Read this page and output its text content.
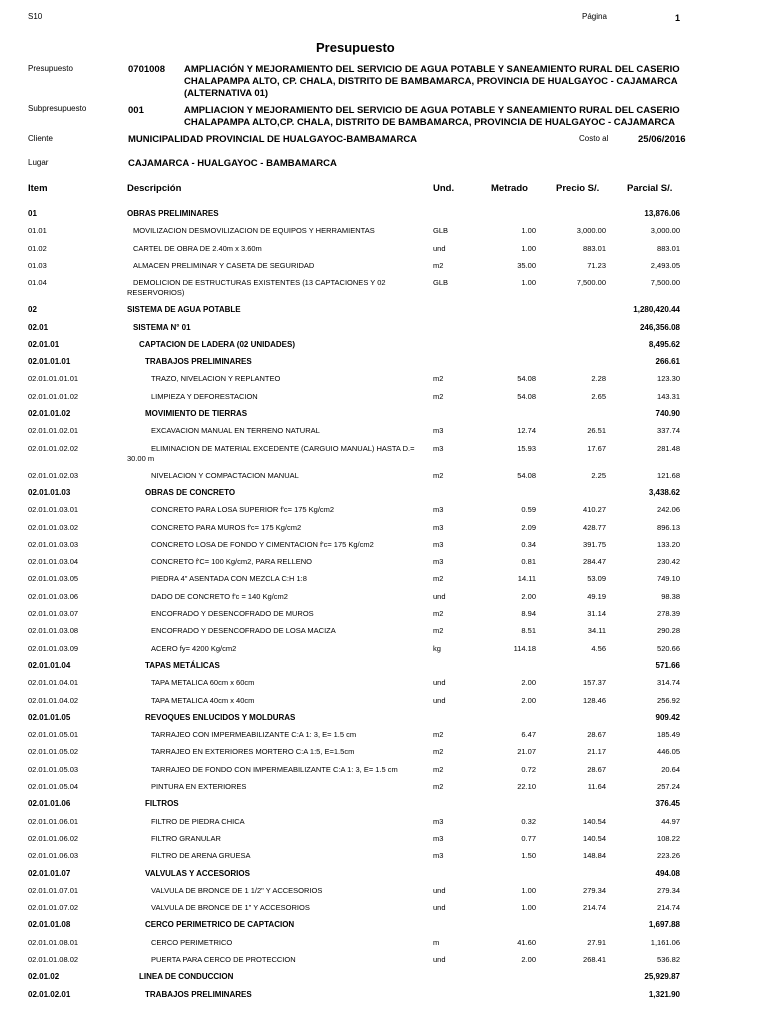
S10	Página	1
Presupuesto
Presupuesto	0701008 AMPLIACIÓN Y MEJORAMIENTO DEL SERVICIO DE AGUA POTABLE Y SANEAMIENTO RURAL DEL CASERIO CHALAPAMPA ALTO, CP. CHALA, DISTRITO DE BAMBAMARCA, PROVINCIA DE HUALGAYOC - CAJAMARCA (ALTERNATIVA 01)
Subpresupuesto	001	AMPLIACION Y MEJORAMIENTO DEL SERVICIO DE AGUA POTABLE Y SANEAMIENTO RURAL DEL CASERIO CHALAPAMPA ALTO,CP. CHALA, DISTRITO DE BAMBAMARCA, PROVINCIA DE HUALGAYOC - CAJAMARCA
Cliente	MUNICIPALIDAD PROVINCIAL DE HUALGAYOC-BAMBAMARCA	Costo al	25/06/2016
Lugar	CAJAMARCA - HUALGAYOC - BAMBAMARCA
Item	Descripción	Und.	Metrado	Precio S/.	Parcial S/.
01	OBRAS PRELIMINARES	13,876.06
01.01	MOVILIZACION DESMOVILIZACION DE EQUIPOS Y HERRAMIENTAS	GLB	1.00	3,000.00	3,000.00
01.02	CARTEL DE OBRA DE 2.40m x 3.60m	und	1.00	883.01	883.01
01.03	ALMACEN PRELIMINAR Y CASETA DE SEGURIDAD	m2	35.00	71.23	2,493.05
01.04	DEMOLICION DE ESTRUCTURAS EXISTENTES (13 CAPTACIONES Y 02 RESERVORIOS)
GLB	1.00	7,500.00	7,500.00
02	SISTEMA DE AGUA POTABLE	1,280,420.44
02.01	SISTEMA N° 01	246,356.08
02.01.01	CAPTACION DE LADERA (02 UNIDADES)	8,495.62
02.01.01.01	TRABAJOS PRELIMINARES	266.61
02.01.01.01.01	TRAZO, NIVELACION Y REPLANTEO	m2	54.08	2.28	123.30
02.01.01.01.02	LIMPIEZA Y DEFORESTACION	m2	54.08	2.65	143.31
02.01.01.02	MOVIMIENTO DE TIERRAS	740.90
02.01.01.02.01	EXCAVACION MANUAL EN TERRENO NATURAL	m3	12.74	26.51	337.74
02.01.01.02.02	ELIMINACION DE MATERIAL EXCEDENTE (CARGUIO MANUAL) HASTA D.= 30.00 m
m3	15.93	17.67	281.48
02.01.01.02.03	NIVELACION Y COMPACTACION MANUAL	m2	54.08	2.25	121.68
02.01.01.03	OBRAS DE CONCRETO	3,438.62
02.01.01.03.01	CONCRETO PARA LOSA SUPERIOR f'c= 175 Kg/cm2	m3	0.59	410.27	242.06
02.01.01.03.02	CONCRETO PARA MUROS f'c= 175 Kg/cm2	m3	2.09	428.77	896.13
02.01.01.03.03	CONCRETO LOSA DE FONDO Y CIMENTACION f'c= 175 Kg/cm2	m3	0.34	391.75	133.20
02.01.01.03.04	CONCRETO f'C= 100 Kg/cm2, PARA RELLENO	m3	0.81	284.47	230.42
02.01.01.03.05	PIEDRA 4" ASENTADA CON MEZCLA C:H 1:8	m2	14.11	53.09	749.10
02.01.01.03.06	DADO DE CONCRETO f'c = 140 Kg/cm2	und	2.00	49.19	98.38
02.01.01.03.07	ENCOFRADO Y DESENCOFRADO DE MUROS	m2	8.94	31.14	278.39
02.01.01.03.08	ENCOFRADO Y DESENCOFRADO DE LOSA MACIZA	m2	8.51	34.11	290.28
02.01.01.03.09	ACERO fy= 4200 Kg/cm2	kg	114.18	4.56	520.66
02.01.01.04	TAPAS METÁLICAS	571.66
02.01.01.04.01	TAPA METALICA 60cm x 60cm	und	2.00	157.37	314.74
02.01.01.04.02	TAPA METALICA 40cm x 40cm	und	2.00	128.46	256.92
02.01.01.05	REVOQUES ENLUCIDOS Y MOLDURAS	909.42
02.01.01.05.01	TARRAJEO CON IMPERMEABILIZANTE C:A 1: 3, E= 1.5 cm	m2	6.47	28.67	185.49
02.01.01.05.02	TARRAJEO EN EXTERIORES MORTERO C:A 1:5, E=1.5cm	m2	21.07	21.17	446.05
02.01.01.05.03	TARRAJEO DE FONDO CON IMPERMEABILIZANTE C:A 1: 3, E= 1.5 cm	m2	0.72	28.67	20.64
02.01.01.05.04	PINTURA EN EXTERIORES	m2	22.10	11.64	257.24
02.01.01.06	FILTROS	376.45
02.01.01.06.01	FILTRO DE PIEDRA CHICA	m3	0.32	140.54	44.97
02.01.01.06.02	FILTRO GRANULAR	m3	0.77	140.54	108.22
02.01.01.06.03	FILTRO DE ARENA GRUESA	m3	1.50	148.84	223.26
02.01.01.07	VALVULAS Y ACCESORIOS	494.08
02.01.01.07.01	VALVULA DE BRONCE DE 1 1/2" Y ACCESORIOS	und	1.00	279.34	279.34
02.01.01.07.02	VALVULA DE BRONCE DE 1" Y ACCESORIOS	und	1.00	214.74	214.74
02.01.01.08	CERCO PERIMETRICO DE CAPTACION	1,697.88
02.01.01.08.01	CERCO PERIMETRICO	m	41.60	27.91	1,161.06
02.01.01.08.02	PUERTA PARA CERCO DE PROTECCION	und	2.00	268.41	536.82
02.01.02	LINEA DE CONDUCCION	25,929.87
02.01.02.01	TRABAJOS PRELIMINARES	1,321.90
